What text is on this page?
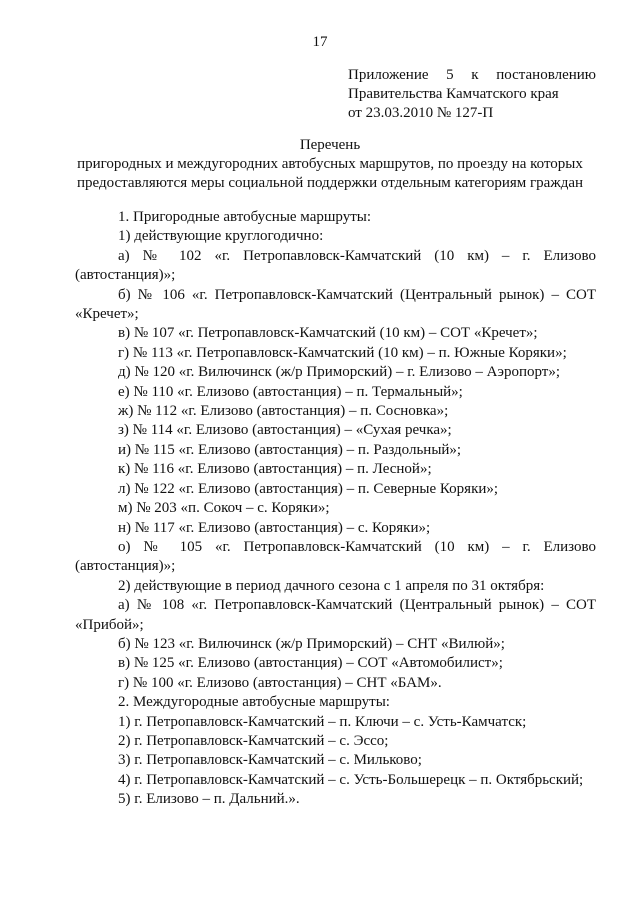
17
Приложение 5 к постановлению
Правительства Камчатского края
от 23.03.2010 № 127-П
Перечень
пригородных и междугородних автобусных маршрутов, по проезду на которых
предоставляются меры социальной поддержки отдельным категориям граждан

1. Пригородные автобусные маршруты:

1) действующие круглогодично:

а) № 102 «г. Петропавловск-Камчатский (10 км) – г. Елизово

(автостанция)»;

б) № 106 «г. Петропавловск-Камчатский (Центральный рынок) – СОТ

«Кречет»;

в) № 107 «г. Петропавловск-Камчатский (10 км) – СОТ «Кречет»;

г) № 113 «г. Петропавловск-Камчатский (10 км) – п. Южные Коряки»;

д) № 120 «г. Вилючинск (ж/р Приморский) – г. Елизово – Аэропорт»;

е) № 110 «г. Елизово (автостанция) – п. Термальный»;

ж) № 112 «г. Елизово (автостанция) – п. Сосновка»;

з) № 114 «г. Елизово (автостанция) – «Сухая речка»;

и) № 115 «г. Елизово (автостанция) – п. Раздольный»;

к) № 116 «г. Елизово (автостанция) – п. Лесной»;

л) № 122 «г. Елизово (автостанция) – п. Северные Коряки»;

м) № 203 «п. Сокоч – с. Коряки»;

н) № 117 «г. Елизово (автостанция) – с. Коряки»;

о) № 105 «г. Петропавловск-Камчатский (10 км) – г. Елизово

(автостанция)»;

2) действующие в период дачного сезона с 1 апреля по 31 октября:

а) № 108 «г. Петропавловск-Камчатский (Центральный рынок) – СОТ

«Прибой»;

б) № 123 «г. Вилючинск (ж/р Приморский) – СНТ «Вилюй»;

в) № 125 «г. Елизово (автостанция) – СОТ «Автомобилист»;

г) № 100 «г. Елизово (автостанция) – СНТ «БАМ».

2. Междугородные автобусные маршруты:

1) г. Петропавловск-Камчатский – п. Ключи – с. Усть-Камчатск;

2) г. Петропавловск-Камчатский – с. Эссо;

3) г. Петропавловск-Камчатский – с. Мильково;

4) г. Петропавловск-Камчатский – с. Усть-Большерецк – п. Октябрьский;

5) г. Елизово – п. Дальний.».
